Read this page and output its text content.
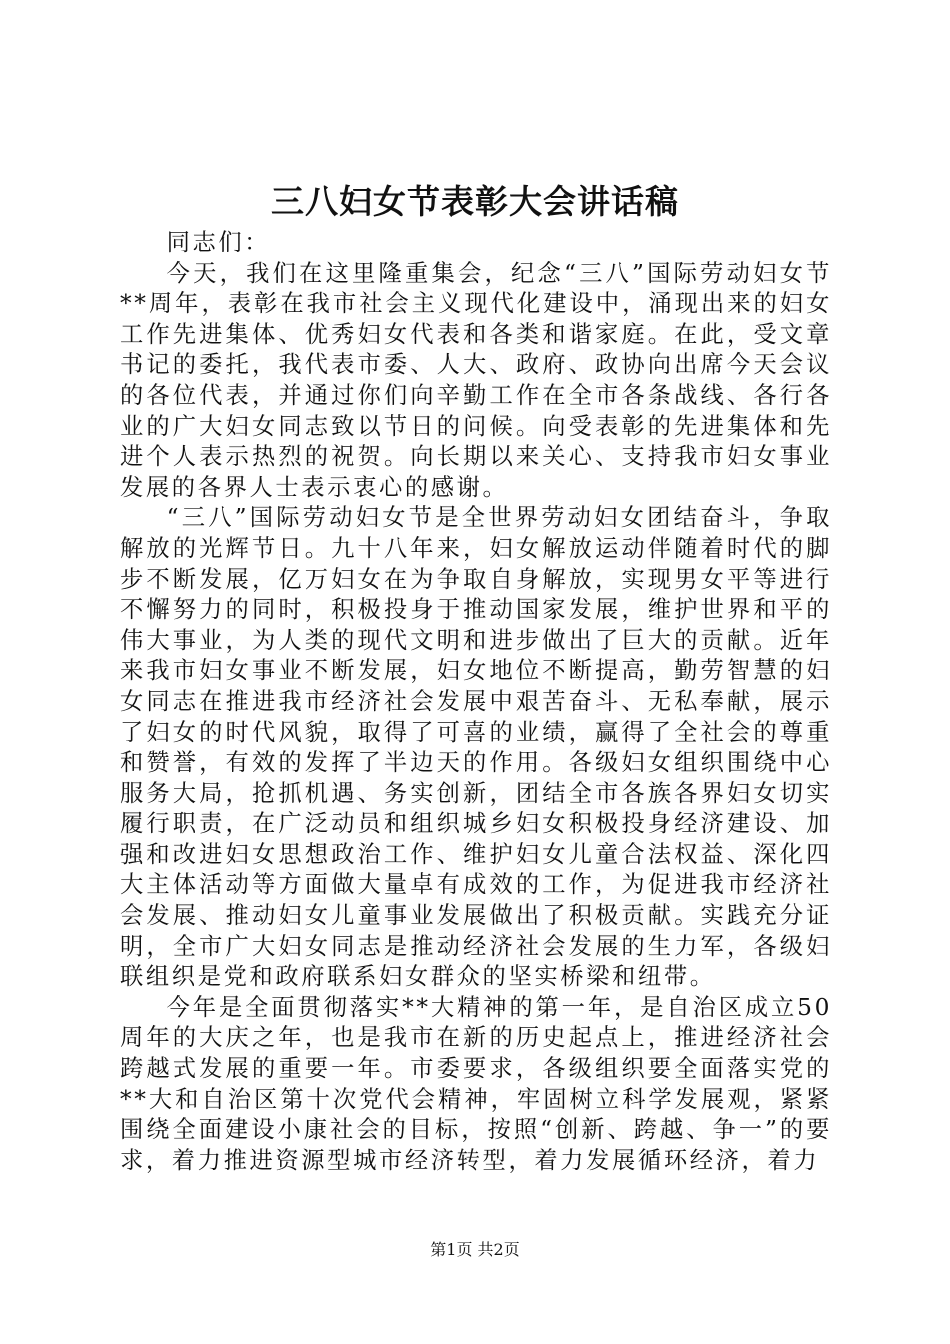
三八妇女节表彰大会讲话稿

同志们：

今天，我们在这里隆重集会，纪念“三八”国际劳动妇女节**周年，表彰在我市社会主义现代化建设中，涌现出来的妇女工作先进集体、优秀妇女代表和各类和谐家庭。在此，受文章书记的委托，我代表市委、人大、政府、政协向出席今天会议的各位代表，并通过你们向辛勤工作在全市各条战线、各行各业的广大妇女同志致以节日的问候。向受表彰的先进集体和先进个人表示热烈的祝贺。向长期以来关心、支持我市妇女事业发展的各界人士表示衷心的感谢。

“三八”国际劳动妇女节是全世界劳动妇女团结奋斗，争取解放的光辉节日。九十八年来，妇女解放运动伴随着时代的脚步不断发展，亿万妇女在为争取自身解放，实现男女平等进行不懈努力的同时，积极投身于推动国家发展，维护世界和平的伟大事业，为人类的现代文明和进步做出了巨大的贡献。近年来我市妇女事业不断发展，妇女地位不断提高，勤劳智慧的妇女同志在推进我市经济社会发展中艰苦奋斗、无私奉献，展示了妇女的时代风貌，取得了可喜的业绩，赢得了全社会的尊重和赞誉，有效的发挥了半边天的作用。各级妇女组织围绕中心服务大局，抢抓机遇、务实创新，团结全市各族各界妇女切实履行职责，在广泛动员和组织城乡妇女积极投身经济建设、加强和改进妇女思想政治工作、维护妇女儿童合法权益、深化四大主体活动等方面做大量卓有成效的工作，为促进我市经济社会发展、推动妇女儿童事业发展做出了积极贡献。实践充分证明，全市广大妇女同志是推动经济社会发展的生力军，各级妇联组织是党和政府联系妇女群众的坚实桥梁和纽带。

今年是全面贯彻落实**大精神的第一年，是自治区成立50周年的大庆之年，也是我市在新的历史起点上，推进经济社会跨越式发展的重要一年。市委要求，各级组织要全面落实党的**大和自治区第十次党代会精神，牢固树立科学发展观，紧紧围绕全面建设小康社会的目标，按照“创新、跨越、争一”的要求，着力推进资源型城市经济转型，着力发展循环经济，着力

第1页 共2页
